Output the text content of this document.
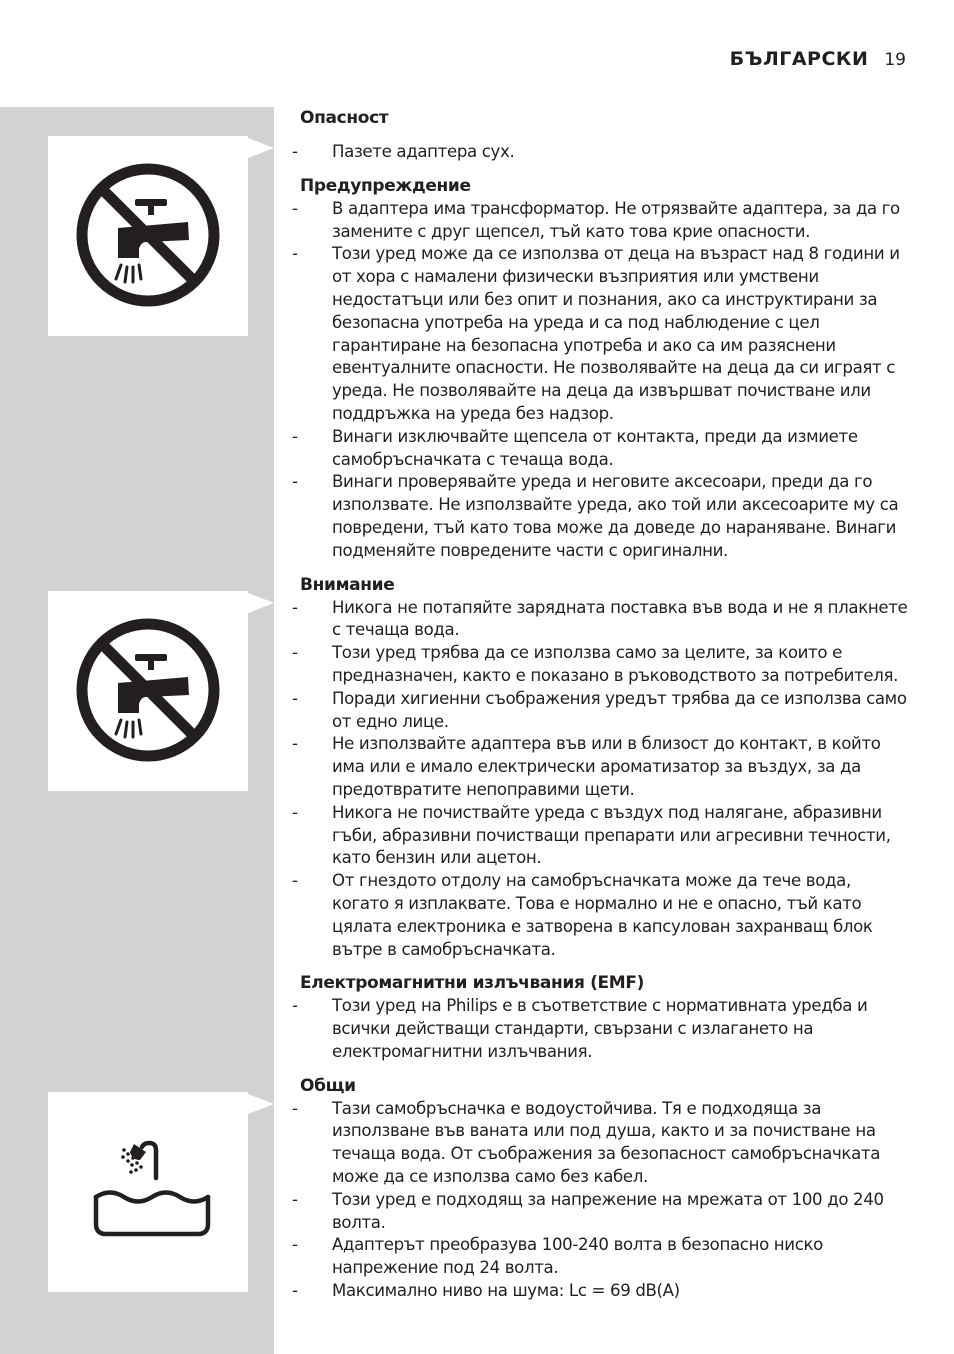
БЪЛГАРСКИ 19
Опасност
- Пазете адаптера сух.
Предупреждение
- В адаптера има трансформатор. Не отрязвайте адаптера, за да го замените с друг щепсел, тъй като това крие опасности.
- Този уред може да се използва от деца на възраст над 8 години и от хора с намалени физически възприятия или умствени недостатъци или без опит и познания, ако са инструктирани за безопасна употреба на уреда и са под наблюдение с цел гарантиране на безопасна употреба и ако са им разяснени евентуалните опасности. Не позволявайте на деца да си играят с уреда. Не позволявайте на деца да извършват почистване или поддръжка на уреда без надзор.
- Винаги изключвайте щепсела от контакта, преди да измиете самобръсначката с течаща вода.
- Винаги проверявайте уреда и неговите аксесоари, преди да го използвате. Не използвайте уреда, ако той или аксесоарите му са повредени, тъй като това може да доведе до нараняване. Винаги подменяйте повредените части с оригинални.
Внимание
- Никога не потапяйте зарядната поставка във вода и не я плакнете с течаща вода.
- Този уред трябва да се използва само за целите, за които е предназначен, както е показано в ръководството за потребителя.
- Поради хигиенни съображения уредът трябва да се използва само от едно лице.
- Не използвайте адаптера във или в близост до контакт, в който има или е имало електрически ароматизатор за въздух, за да предотвратите непоправими щети.
- Никога не почиствайте уреда с въздух под налягане, абразивни гъби, абразивни почистващи препарати или агресивни течности, като бензин или ацетон.
- От гнездото отдолу на самобръсначката може да тече вода, когато я изплаквате. Това е нормално и не е опасно, тъй като цялата електроника е затворена в капсулован захранващ блок вътре в самобръсначката.
Електромагнитни излъчвания (EMF)
- Този уред на Philips е в съответствие с нормативната уредба и всички действащи стандарти, свързани с излагането на електромагнитни излъчвания.
Общи
- Тази самобръсначка е водоустойчива. Тя е подходяща за използване във ваната или под душа, както и за почистване на течаща вода. От съображения за безопасност самобръсначката може да се използва само без кабел.
- Този уред е подходящ за напрежение на мрежата от 100 до 240 волта.
- Адаптерът преобразува 100-240 волта в безопасно ниско напрежение под 24 волта.
- Максимално ниво на шума: Lc = 69 dB(A)
